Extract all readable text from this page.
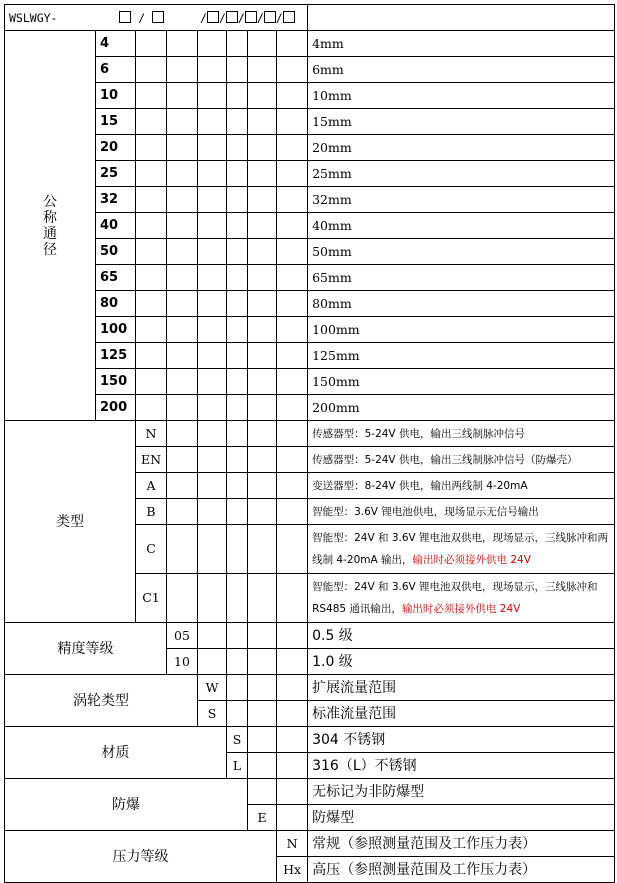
WSLWGY- / / / / / /								

公
称
通
径	4							4mm
	6							6mm
	10							10mm
	15							15mm
	20							20mm
	25							25mm
	32							32mm
	40							40mm
	50							50mm
	65							65mm
	80							80mm
	100							100mm
	125							125mm
	150							150mm
	200							200mm
类型		N						传感器型：5-24V 供电，输出三线制脉冲信号
		EN						传感器型：5-24V 供电，输出三线制脉冲信号（防爆壳）
		A						变送器型：8-24V 供电，输出两线制 4-20mA
		B						智能型：3.6V 锂电池供电，现场显示无信号输出
		C						智能型：24V 和 3.6V 锂电池双供电，现场显示，三线脉冲和两线制 4-20mA 输出，输出时必须接外供电 24V
		C1						智能型：24V 和 3.6V 锂电池双供电，现场显示，三线脉冲和 RS485 通讯输出，输出时必须接外供电 24V
精度等级			05					0.5 级
			10					1.0 级
涡轮类型				W				扩展流量范围
				S				标准流量范围
材质					S			304 不锈钢
					L			316（L）不锈钢
防爆								无标记为非防爆型
						E		防爆型
压力等级							N	常规（参照测量范围及工作压力表）
							Hx	高压（参照测量范围及工作压力表）
